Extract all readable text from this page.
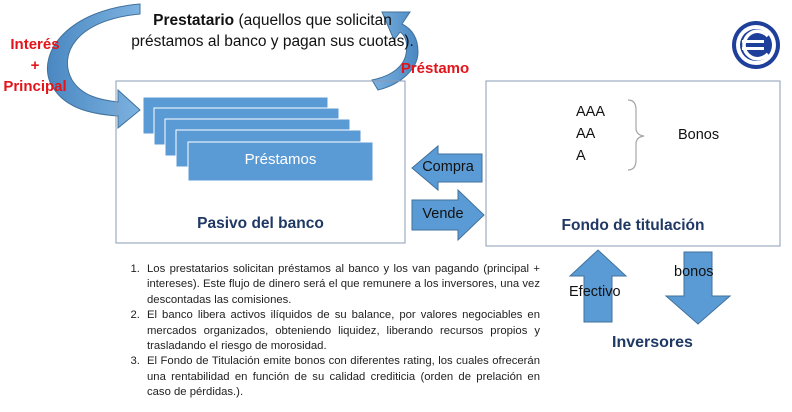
Prestatario (aquellos que solicitan préstamos al banco y pagan sus cuotas).
Interés
+
Principal
Préstamo
Préstamos
Pasivo del banco
Compra
Vende
AAA
AA
A
Bonos
Fondo de titulación
Efectivo
bonos
Inversores
1. Los prestatarios solicitan préstamos al banco y los van pagando (principal + intereses). Este flujo de dinero será el que remunere a los inversores, una vez descontadas las comisiones.
2. El banco libera activos ilíquidos de su balance, por valores negociables en mercados organizados, obteniendo liquidez, liberando recursos propios y trasladando el riesgo de morosidad.
3. El Fondo de Titulación emite bonos con diferentes rating, los cuales ofrecerán una rentabilidad en función de su calidad crediticia (orden de prelación en caso de pérdidas.).
